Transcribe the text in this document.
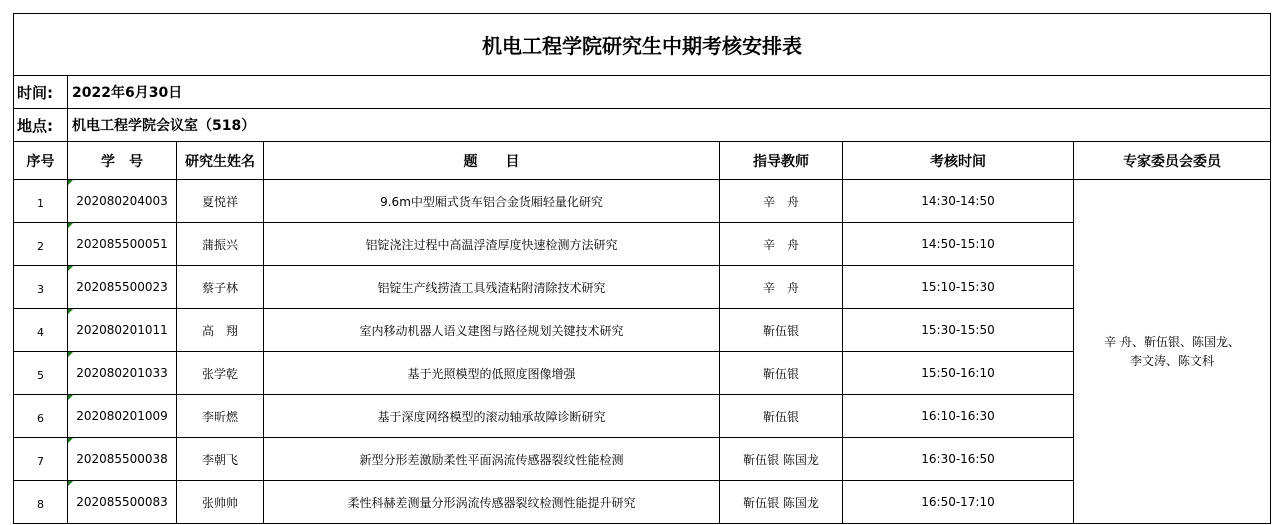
机电工程学院研究生中期考核安排表						
时间:	2022年6月30日					
地点:	机电工程学院会议室（518）					
序号	学　号	研究生姓名	题　　目	指导教师	考核时间	专家委员会委员
1	202080204003	夏悦祥	9.6m中型厢式货车铝合金货厢轻量化研究	辛　舟	14:30-14:50	辛 舟、靳伍银、陈国龙、
李文涛、陈文科

2	202085500051	蒲振兴	铝锭浇注过程中高温浮渣厚度快速检测方法研究	辛　舟	14:50-15:10	
3	202085500023	蔡子林	铝锭生产线捞渣工具残渣粘附清除技术研究	辛　舟	15:10-15:30	
4	202080201011	高　翔	室内移动机器人语义建图与路径规划关键技术研究	靳伍银	15:30-15:50	
5	202080201033	张学乾	基于光照模型的低照度图像增强	靳伍银	15:50-16:10	
6	202080201009	李昕燃	基于深度网络模型的滚动轴承故障诊断研究	靳伍银	16:10-16:30	
7	202085500038	李朝飞	新型分形差激励柔性平面涡流传感器裂纹性能检测	靳伍银 陈国龙	16:30-16:50	
8	202085500083	张帅帅	柔性科赫差测量分形涡流传感器裂纹检测性能提升研究	靳伍银 陈国龙	16:50-17:10	
